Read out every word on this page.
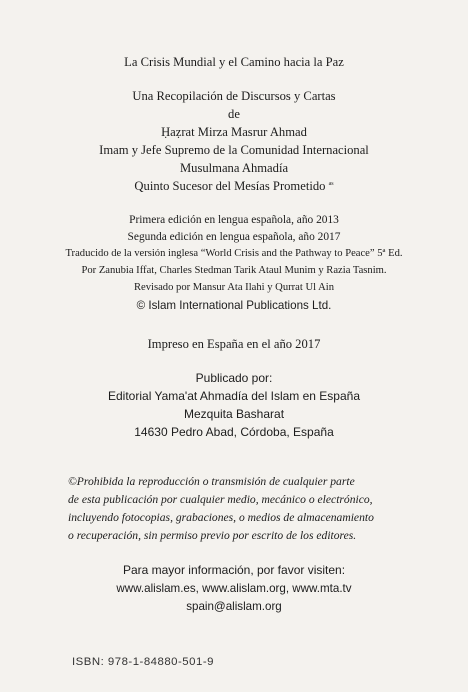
La Crisis Mundial y el Camino hacia la Paz
Una Recopilación de Discursos y Cartas
de
Ḥaẓrat Mirza Masrur Ahmad
Imam y Jefe Supremo de la Comunidad Internacional
Musulmana Ahmadía
Quinto Sucesor del Mesías Prometido $^{as}$
Primera edición en lengua española, año 2013
Segunda edición en lengua española, año 2017
Traducido de la versión inglesa “World Crisis and the Pathway to Peace” 5ª Ed.
Por Zanubia Iffat, Charles Stedman Tarik Ataul Munim y Razia Tasnim.
Revisado por Mansur Ata Ilahi y Qurrat Ul Ain
© Islam International Publications Ltd.
Impreso en España en el año 2017
Publicado por:
Editorial Yama'at Ahmadía del Islam en España
Mezquita Basharat
14630 Pedro Abad, Córdoba, España
©Prohibida la reproducción o transmisión de cualquier parte
de esta publicación por cualquier medio, mecánico o electrónico,
incluyendo fotocopias, grabaciones, o medios de almacenamiento
o recuperación, sin permiso previo por escrito de los editores.
Para mayor información, por favor visiten:
www.alislam.es, www.alislam.org, www.mta.tv
spain@alislam.org
ISBN: 978-1-84880-501-9
